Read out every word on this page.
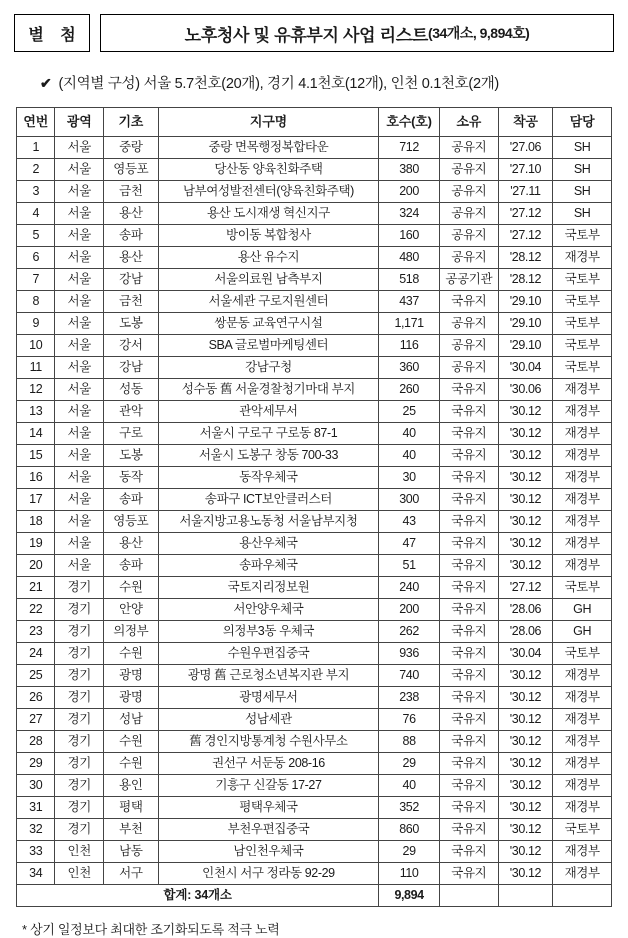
별 첨	노후청사 및 유휴부지 사업 리스트 (34개소, 9,894호)
✔ (지역별 구성) 서울 5.7천호(20개), 경기 4.1천호(12개), 인천 0.1천호(2개)
연번	광역	기초	지구명	호수(호)	소유	착공	담당
1	서울	중랑	중랑 면목행정복합타운	712	공유지	'27.06	SH
2	서울	영등포	당산동 양육친화주택	380	공유지	'27.10	SH
3	서울	금천	남부여성발전센터(양육친화주택)	200	공유지	'27.11	SH
4	서울	용산	용산 도시재생 혁신지구	324	공유지	'27.12	SH
5	서울	송파	방이동 복합청사	160	공유지	'27.12	국토부
6	서울	용산	용산 유수지	480	공유지	'28.12	재경부
7	서울	강남	서울의료원 남측부지	518	공공기관	'28.12	국토부
8	서울	금천	서울세관 구로지원센터	437	국유지	'29.10	국토부
9	서울	도봉	쌍문동 교육연구시설	1,171	공유지	'29.10	국토부
10	서울	강서	SBA 글로벌마케팅센터	116	공유지	'29.10	국토부
11	서울	강남	강남구청	360	공유지	'30.04	국토부
12	서울	성동	성수동 舊 서울경찰청기마대 부지	260	국유지	'30.06	재경부
13	서울	관악	관악세무서	25	국유지	'30.12	재경부
14	서울	구로	서울시 구로구 구로동 87-1	40	국유지	'30.12	재경부
15	서울	도봉	서울시 도봉구 창동 700-33	40	국유지	'30.12	재경부
16	서울	동작	동작우체국	30	국유지	'30.12	재경부
17	서울	송파	송파구 ICT보안클러스터	300	국유지	'30.12	재경부
18	서울	영등포	서울지방고용노동청 서울남부지청	43	국유지	'30.12	재경부
19	서울	용산	용산우체국	47	국유지	'30.12	재경부
20	서울	송파	송파우체국	51	국유지	'30.12	재경부
21	경기	수원	국토지리정보원	240	국유지	'27.12	국토부
22	경기	안양	서안양우체국	200	국유지	'28.06	GH
23	경기	의정부	의정부3동 우체국	262	국유지	'28.06	GH
24	경기	수원	수원우편집중국	936	국유지	'30.04	국토부
25	경기	광명	광명 舊 근로청소년복지관 부지	740	국유지	'30.12	재경부
26	경기	광명	광명세무서	238	국유지	'30.12	재경부
27	경기	성남	성남세관	76	국유지	'30.12	재경부
28	경기	수원	舊 경인지방통계청 수원사무소	88	국유지	'30.12	재경부
29	경기	수원	권선구 서둔동 208-16	29	국유지	'30.12	재경부
30	경기	용인	기흥구 신갈동 17-27	40	국유지	'30.12	재경부
31	경기	평택	평택우체국	352	국유지	'30.12	재경부
32	경기	부천	부천우편집중국	860	국유지	'30.12	국토부
33	인천	남동	남인천우체국	29	국유지	'30.12	재경부
34	인천	서구	인천시 서구 정라동 92-29	110	국유지	'30.12	재경부
합계: 34개소				9,894			
* 상기 일정보다 최대한 조기화되도록 적극 노력
